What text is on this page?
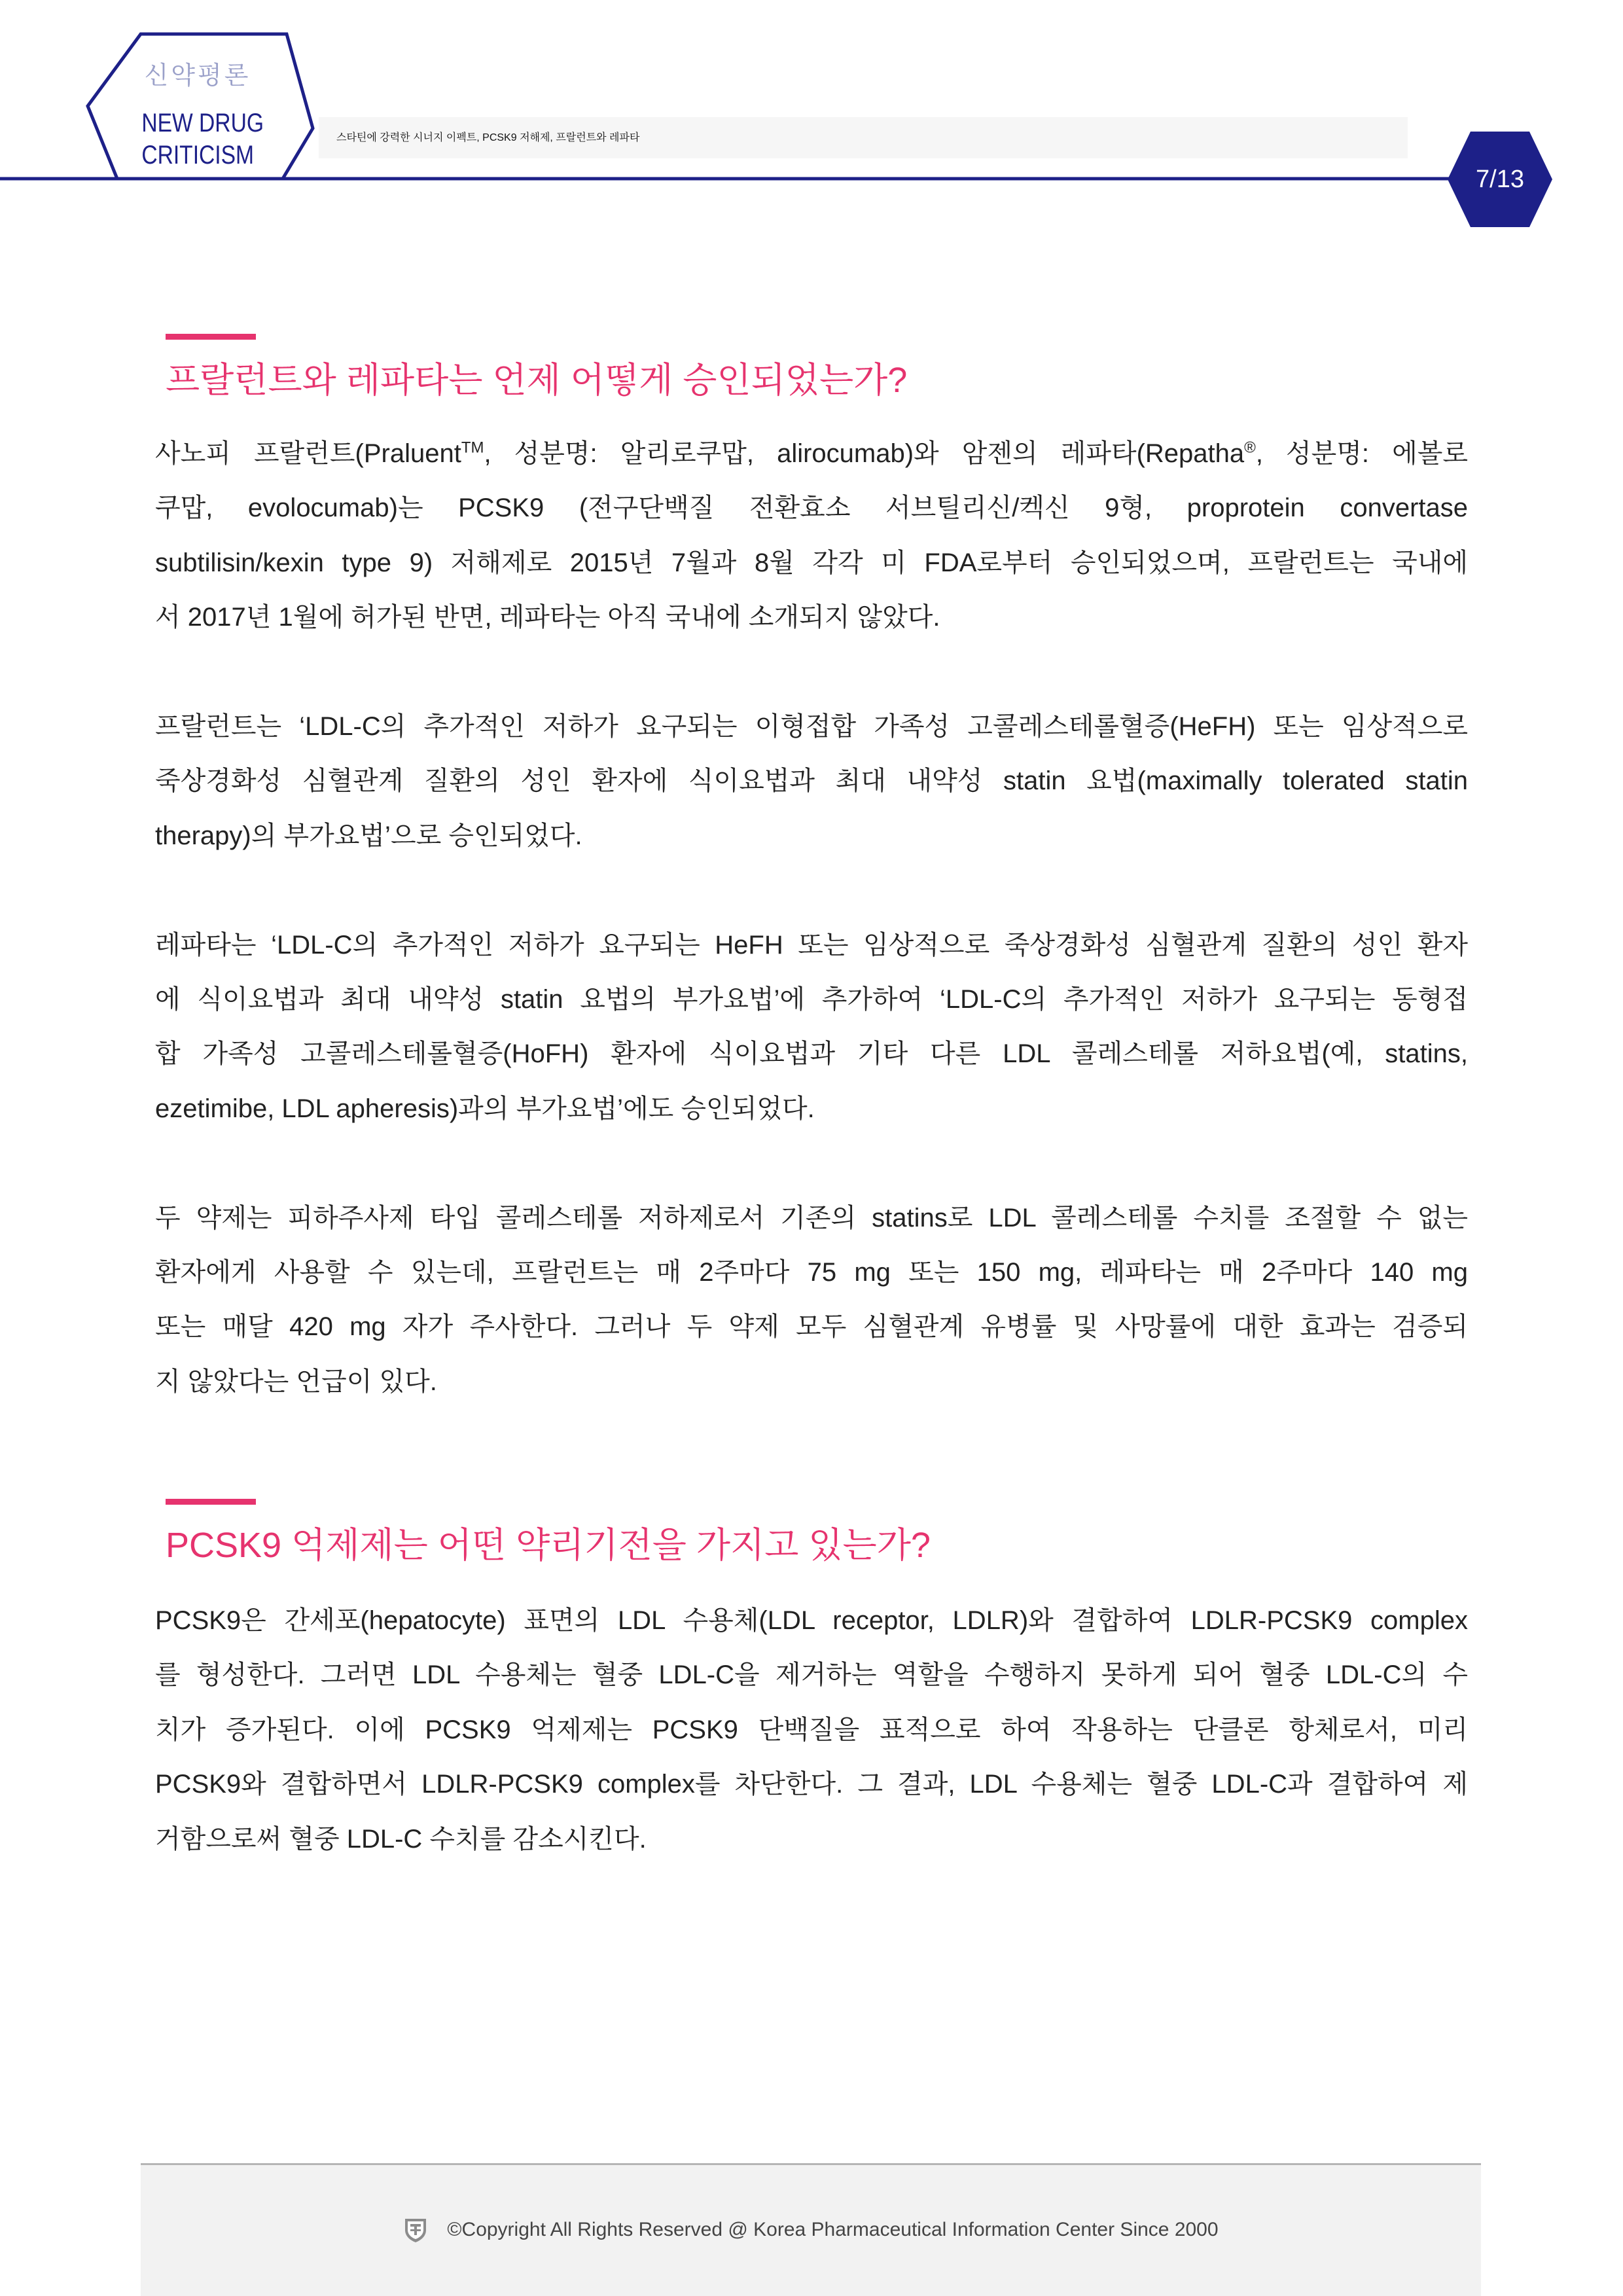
신약평론
NEW DRUG
CRITICISM
스타틴에 강력한 시너지 이펙트, PCSK9 저해제, 프랄런트와 레파타
7/13
프랄런트와 레파타는 언제 어떻게 승인되었는가?
사노피 프랄런트(Praluent™, 성분명: 알리로쿠맙, alirocumab)와 암젠의 레파타(Repatha®, 성분명: 에볼로
쿠맙, evolocumab)는 PCSK9 (전구단백질 전환효소 서브틸리신/켁신 9형, proprotein convertase
subtilisin/kexin type 9) 저해제로 2015년 7월과 8월 각각 미 FDA로부터 승인되었으며, 프랄런트는 국내에
서 2017년 1월에 허가된 반면, 레파타는 아직 국내에 소개되지 않았다.
프랄런트는 ‘LDL-C의 추가적인 저하가 요구되는 이형접합 가족성 고콜레스테롤혈증(HeFH) 또는 임상적으로
죽상경화성 심혈관계 질환의 성인 환자에 식이요법과 최대 내약성 statin 요법(maximally tolerated statin
therapy)의 부가요법’으로 승인되었다.
레파타는 ‘LDL-C의 추가적인 저하가 요구되는 HeFH 또는 임상적으로 죽상경화성 심혈관계 질환의 성인 환자
에 식이요법과 최대 내약성 statin 요법의 부가요법’에 추가하여 ‘LDL-C의 추가적인 저하가 요구되는 동형접
합 가족성 고콜레스테롤혈증(HoFH) 환자에 식이요법과 기타 다른 LDL 콜레스테롤 저하요법(예, statins,
ezetimibe, LDL apheresis)과의 부가요법’에도 승인되었다.
두 약제는 피하주사제 타입 콜레스테롤 저하제로서 기존의 statins로 LDL 콜레스테롤 수치를 조절할 수 없는
환자에게 사용할 수 있는데, 프랄런트는 매 2주마다 75 mg 또는 150 mg, 레파타는 매 2주마다 140 mg
또는 매달 420 mg 자가 주사한다. 그러나 두 약제 모두 심혈관계 유병률 및 사망률에 대한 효과는 검증되
지 않았다는 언급이 있다.
PCSK9 억제제는 어떤 약리기전을 가지고 있는가?
PCSK9은 간세포(hepatocyte) 표면의 LDL 수용체(LDL receptor, LDLR)와 결합하여 LDLR-PCSK9 complex
를 형성한다. 그러면 LDL 수용체는 혈중 LDL-C을 제거하는 역할을 수행하지 못하게 되어 혈중 LDL-C의 수
치가 증가된다. 이에 PCSK9 억제제는 PCSK9 단백질을 표적으로 하여 작용하는 단클론 항체로서, 미리
PCSK9와 결합하면서 LDLR-PCSK9 complex를 차단한다. 그 결과, LDL 수용체는 혈중 LDL-C과 결합하여 제
거함으로써 혈중 LDL-C 수치를 감소시킨다.
©Copyright All Rights Reserved @ Korea Pharmaceutical Information Center Since 2000
